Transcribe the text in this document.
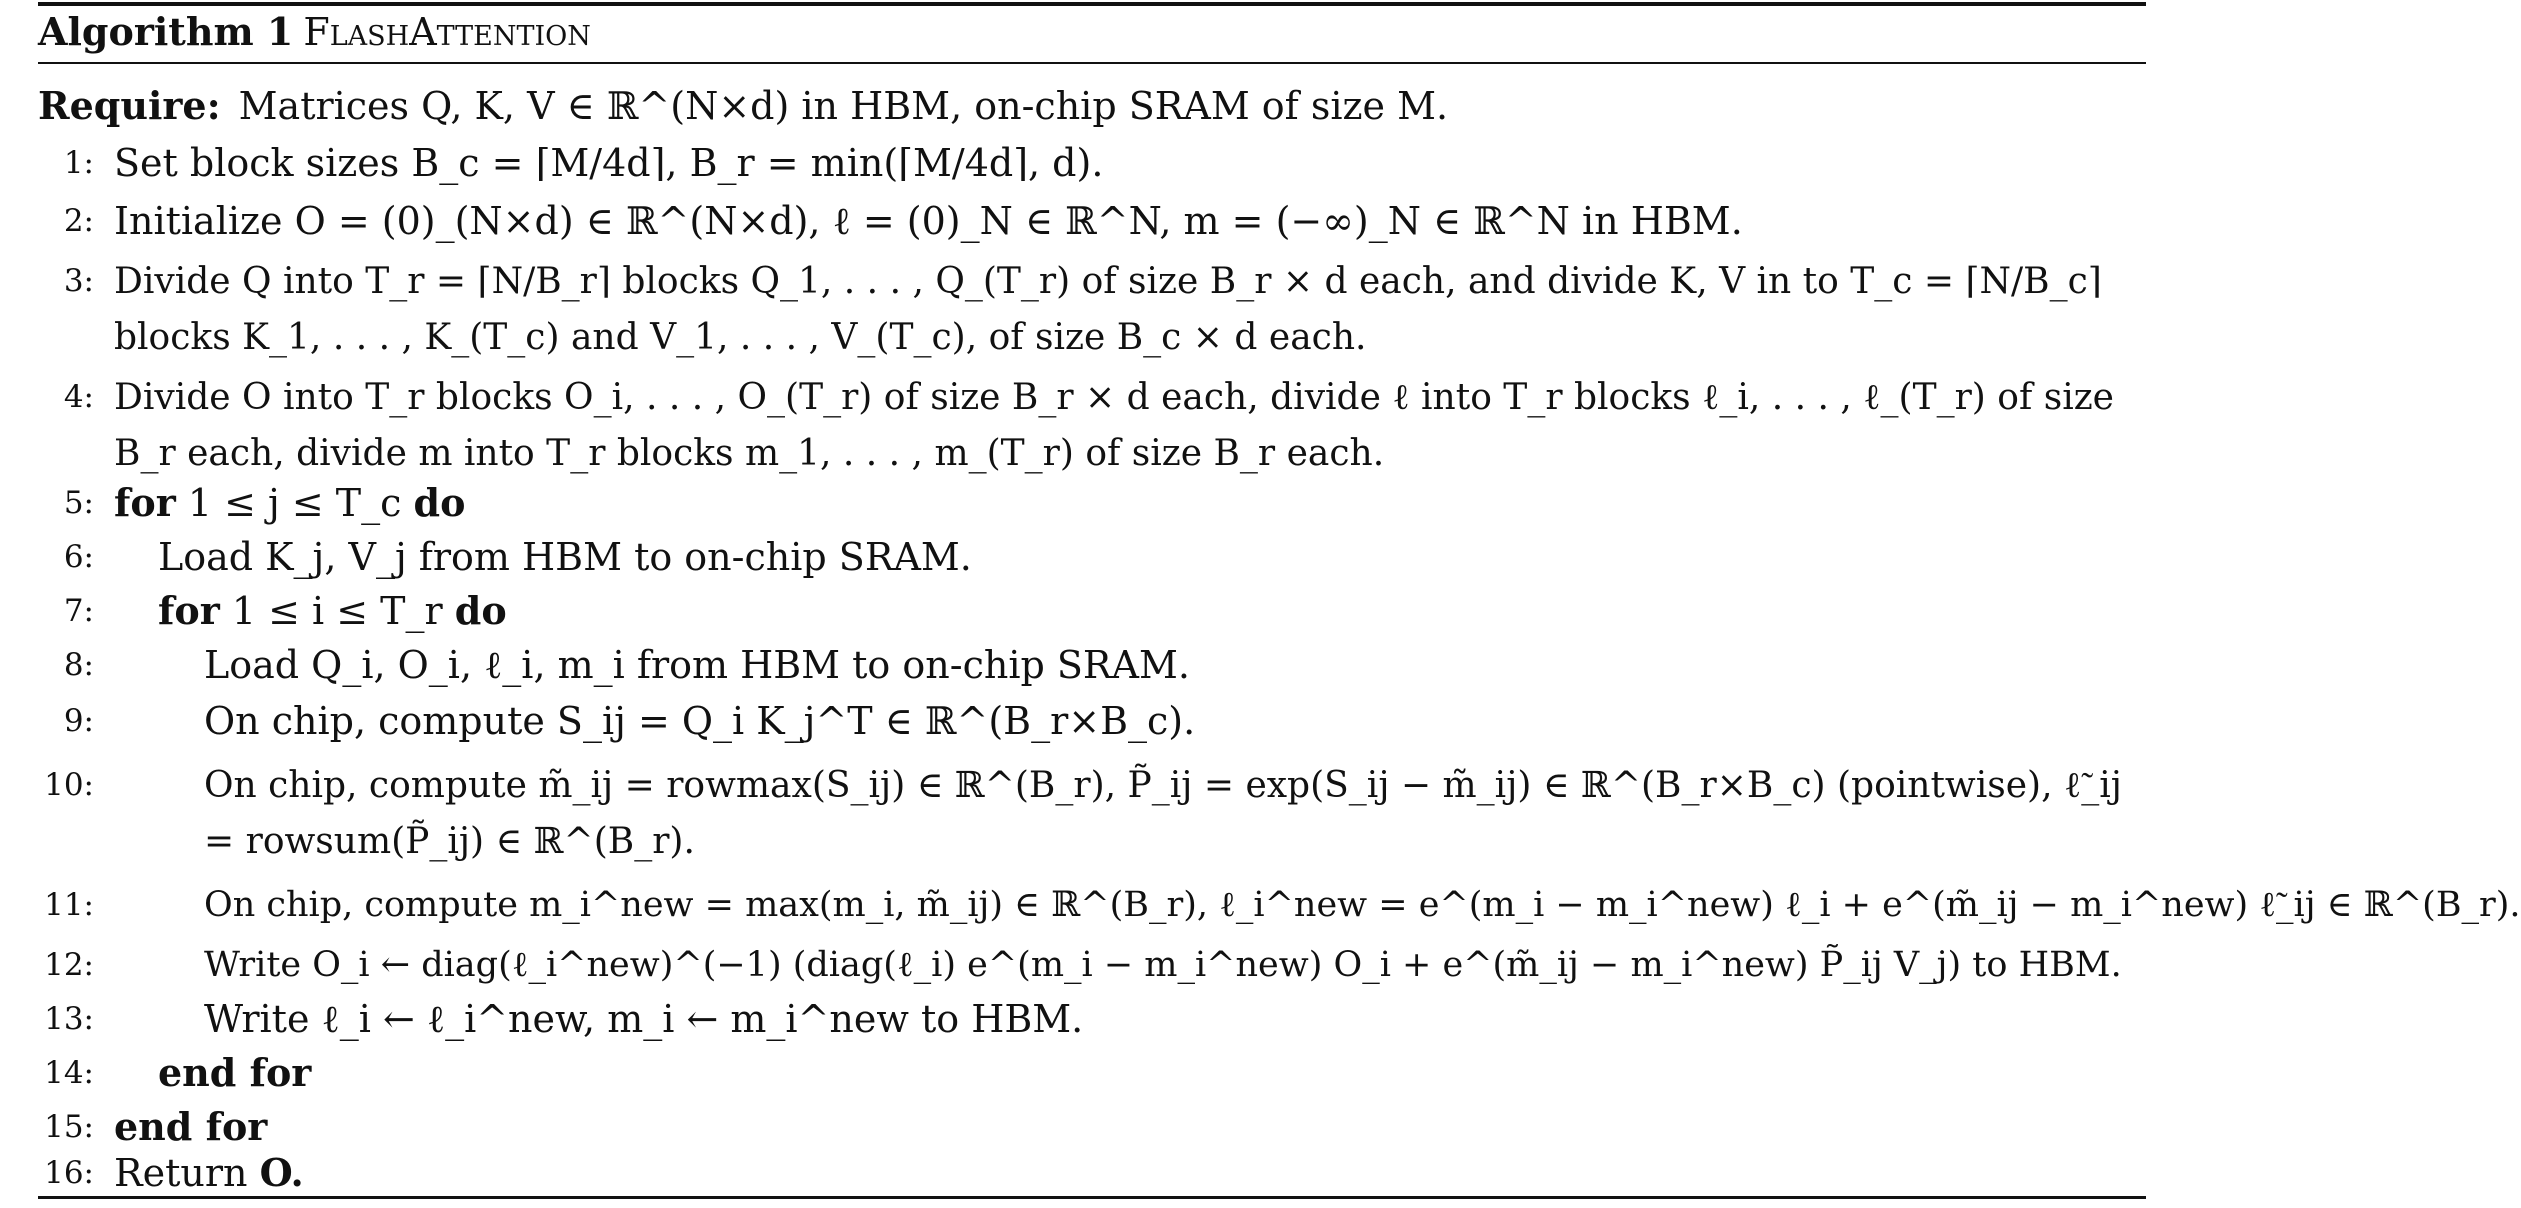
Algorithm 1 FlashAttention
Require: Matrices Q, K, V ∈ ℝ^(N×d) in HBM, on-chip SRAM of size M.
1: Set block sizes B_c = ⌈M/4d⌉, B_r = min(⌈M/4d⌉, d).
2: Initialize O = (0)_(N×d) ∈ ℝ^(N×d), ℓ = (0)_N ∈ ℝ^N, m = (−∞)_N ∈ ℝ^N in HBM.
3: Divide Q into T_r = ⌈N/B_r⌉ blocks Q_1, . . . , Q_(T_r) of size B_r × d each, and divide K, V in to T_c = ⌈N/B_c⌉ blocks K_1, . . . , K_(T_c) and V_1, . . . , V_(T_c), of size B_c × d each.
4: Divide O into T_r blocks O_i, . . . , O_(T_r) of size B_r × d each, divide ℓ into T_r blocks ℓ_i, . . . , ℓ_(T_r) of size B_r each, divide m into T_r blocks m_1, . . . , m_(T_r) of size B_r each.
5: for 1 ≤ j ≤ T_c do
6: Load K_j, V_j from HBM to on-chip SRAM.
7: for 1 ≤ i ≤ T_r do
8:	Load Q_i, O_i, ℓ_i, m_i from HBM to on-chip SRAM.
9:	On chip, compute S_ij = Q_i K_j^T ∈ ℝ^(B_r×B_c).
10:	On chip, compute m̃_ij = rowmax(S_ij) ∈ ℝ^(B_r), P̃_ij = exp(S_ij − m̃_ij) ∈ ℝ^(B_r×B_c) (pointwise), ℓ̃_ij = rowsum(P̃_ij) ∈ ℝ^(B_r).
11:	On chip, compute m_i^new = max(m_i, m̃_ij) ∈ ℝ^(B_r), ℓ_i^new = e^(m_i − m_i^new) ℓ_i + e^(m̃_ij − m_i^new) ℓ̃_ij ∈ ℝ^(B_r).
12:	Write O_i ← diag(ℓ_i^new)^(−1) (diag(ℓ_i) e^(m_i − m_i^new) O_i + e^(m̃_ij − m_i^new) P̃_ij V_j) to HBM.
13:	Write ℓ_i ← ℓ_i^new, m_i ← m_i^new to HBM.
14: end for
15: end for
16: Return O.
